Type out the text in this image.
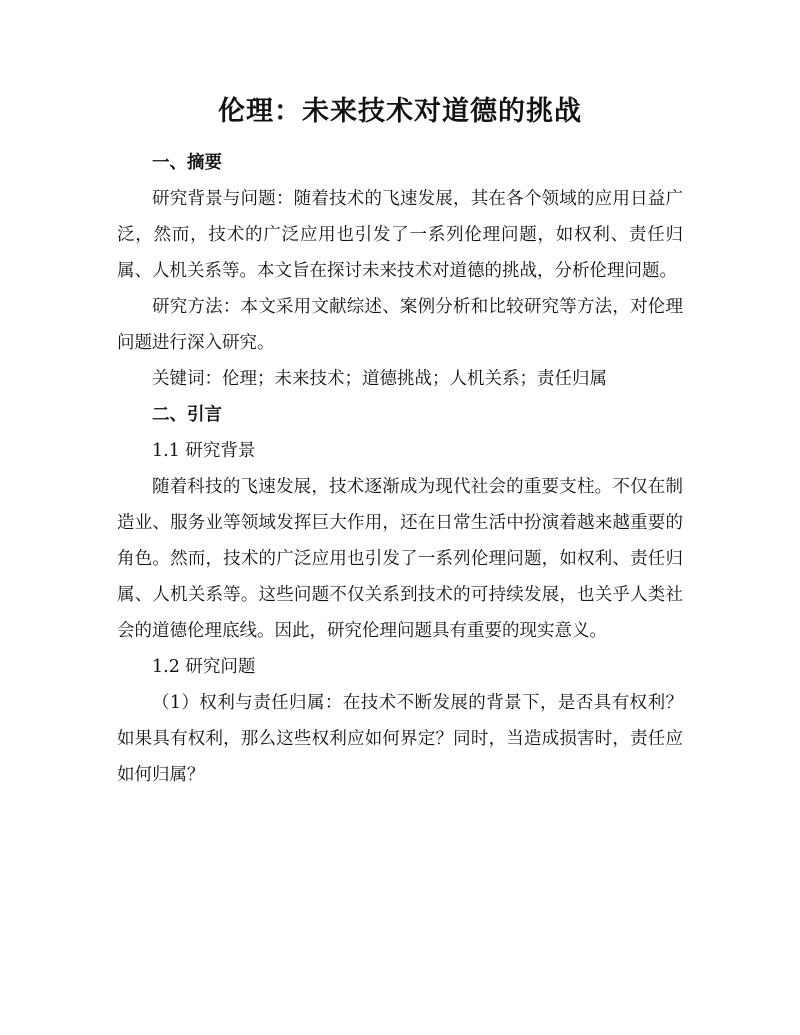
伦理：未来技术对道德的挑战

一、摘要

研究背景与问题：随着技术的飞速发展，其在各个领域的应用日益广泛，然而，技术的广泛应用也引发了一系列伦理问题，如权利、责任归属、人机关系等。本文旨在探讨未来技术对道德的挑战，分析伦理问题。

研究方法：本文采用文献综述、案例分析和比较研究等方法，对伦理问题进行深入研究。

关键词：伦理；未来技术；道德挑战；人机关系；责任归属

二、引言

1.1 研究背景

随着科技的飞速发展，技术逐渐成为现代社会的重要支柱。不仅在制造业、服务业等领域发挥巨大作用，还在日常生活中扮演着越来越重要的角色。然而，技术的广泛应用也引发了一系列伦理问题，如权利、责任归属、人机关系等。这些问题不仅关系到技术的可持续发展，也关乎人类社会的道德伦理底线。因此，研究伦理问题具有重要的现实意义。

1.2 研究问题

（1）权利与责任归属：在技术不断发展的背景下，是否具有权利？如果具有权利，那么这些权利应如何界定？同时，当造成损害时，责任应如何归属？
